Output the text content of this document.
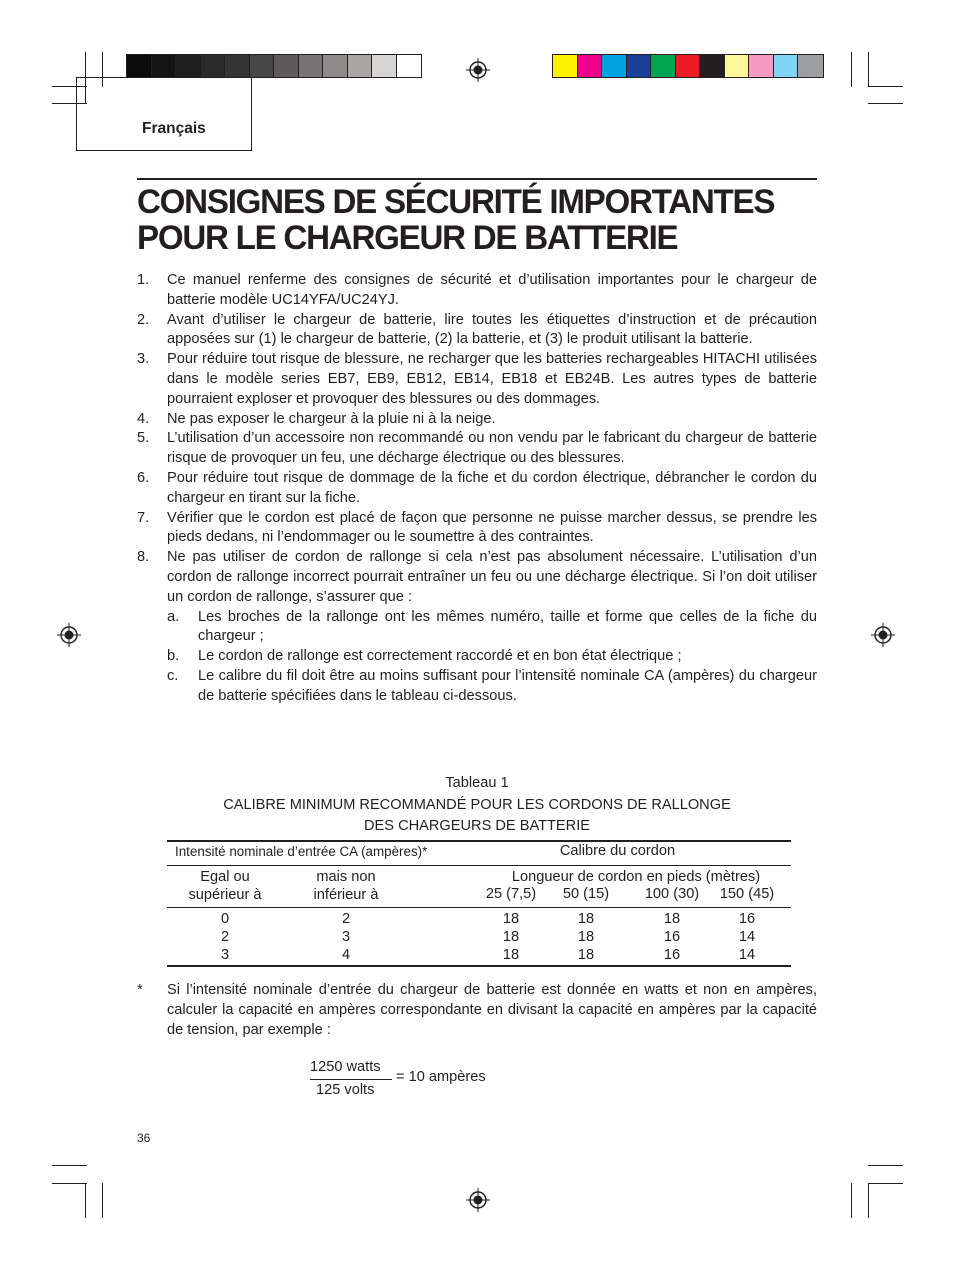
Français
CONSIGNES DE SÉCURITÉ IMPORTANTES
POUR LE CHARGEUR DE BATTERIE
1. Ce manuel renferme des consignes de sécurité et d’utilisation importantes pour le chargeur de batterie modèle UC14YFA/UC24YJ.
2. Avant d’utiliser le chargeur de batterie, lire toutes les étiquettes d’instruction et de précaution apposées sur (1) le chargeur de batterie, (2) la batterie, et (3) le produit utilisant la batterie.
3. Pour réduire tout risque de blessure, ne recharger que les batteries rechargeables HITACHI utilisées dans le modèle series EB7, EB9, EB12, EB14, EB18 et EB24B. Les autres types de batterie pourraient exploser et provoquer des blessures ou des dommages.
4. Ne pas exposer le chargeur à la pluie ni à la neige.
5. L’utilisation d’un accessoire non recommandé ou non vendu par le fabricant du chargeur de batterie risque de provoquer un feu, une décharge électrique ou des blessures.
6. Pour réduire tout risque de dommage de la fiche et du cordon électrique, débrancher le cordon du chargeur en tirant sur la fiche.
7. Vérifier que le cordon est placé de façon que personne ne puisse marcher dessus, se prendre les pieds dedans, ni l’endommager ou le soumettre à des contraintes.
8. Ne pas utiliser de cordon de rallonge si cela n’est pas absolument nécessaire. L’utilisation d’un cordon de rallonge incorrect pourrait entraîner un feu ou une décharge électrique. Si l’on doit utiliser un cordon de rallonge, s’assurer que :
a. Les broches de la rallonge ont les mêmes numéro, taille et forme que celles de la fiche du chargeur ;
b. Le cordon de rallonge est correctement raccordé et en bon état électrique ;
c. Le calibre du fil doit être au moins suffisant pour l’intensité nominale CA (ampères) du chargeur de batterie spécifiées dans le tableau ci-dessous.
Tableau 1
CALIBRE MINIMUM RECOMMANDÉ POUR LES CORDONS DE RALLONGE
DES CHARGEURS DE BATTERIE
Intensité nominale d’entrée CA (ampères)*	Calibre du cordon
Egal ou
supérieur à
mais non
inférieur à
Longueur de cordon en pieds (mètres)
25 (7,5)	50 (15)	100 (30)	150 (45)
0	2	18	18	18	16
2	3	18	18	16	14
3	4	18	18	16	14
* Si l’intensité nominale d’entrée du chargeur de batterie est donnée en watts et non en ampères, calculer la capacité en ampères correspondante en divisant la capacité en ampères par la capacité de tension, par exemple :
1250 watts
125 volts
= 10 ampères
36
